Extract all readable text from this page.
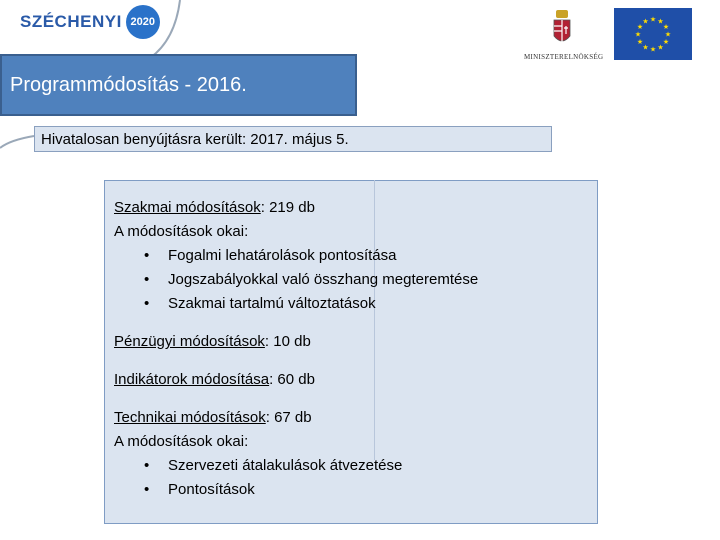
SZÉCHENYI 2020
MINISZTERELNÖKSÉG
★ ★
★
★
★
★
★
★
★
★
★
★
Programmódosítás - 2016.
Hivatalosan benyújtásra került: 2017. május 5.
Szakmai módosítások: 219 db
A módosítások okai:
• Fogalmi lehatárolások pontosítása
• Jogszabályokkal való összhang megteremtése
• Szakmai tartalmú változtatások
Pénzügyi módosítások: 10 db
Indikátorok módosítása: 60 db
Technikai módosítások: 67 db
A módosítások okai:
• Szervezeti átalakulások átvezetése
• Pontosítások
